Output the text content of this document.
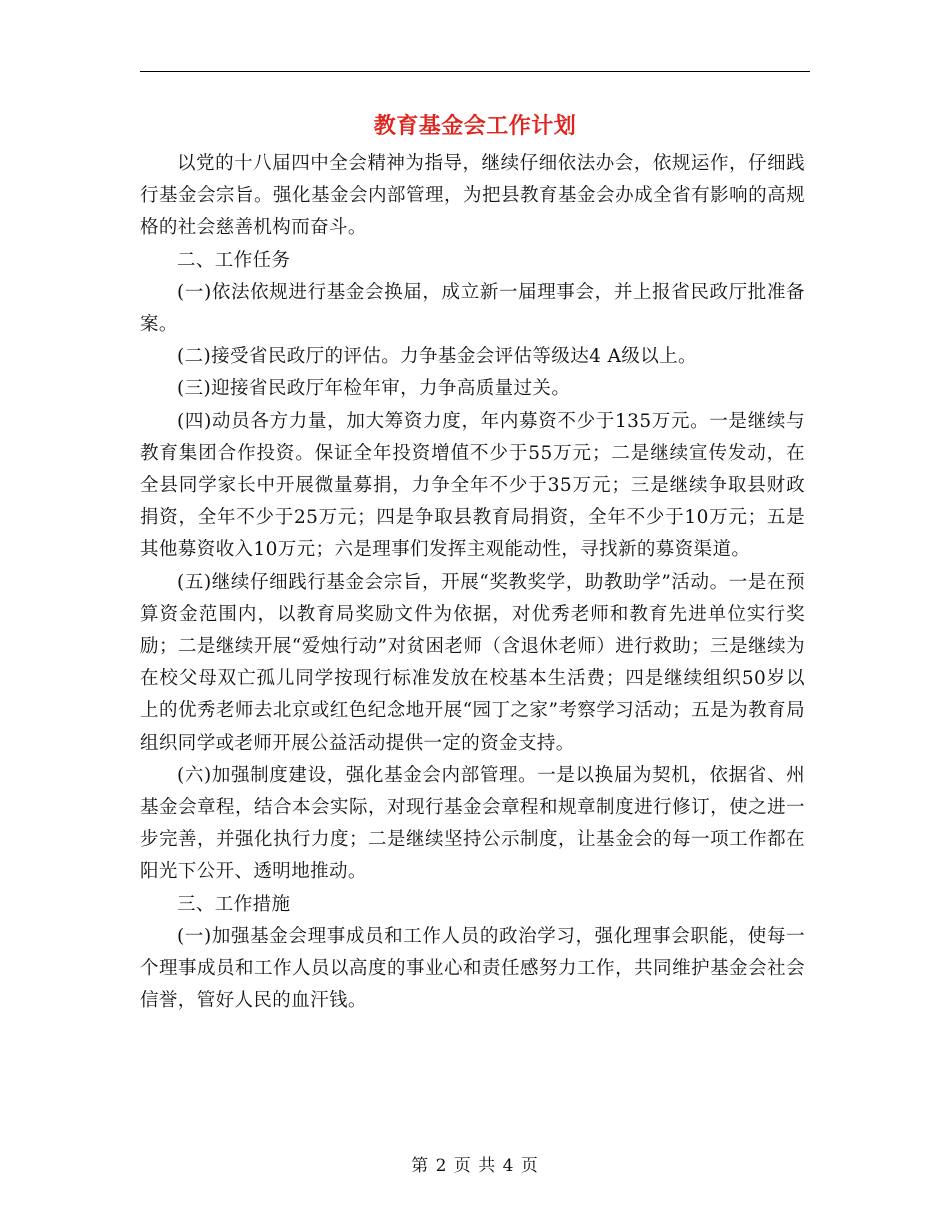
教育基金会工作计划

以党的十八届四中全会精神为指导，继续仔细依法办会，依规运作，仔细践行基金会宗旨。强化基金会内部管理，为把县教育基金会办成全省有影响的高规格的社会慈善机构而奋斗。

二、工作任务

(一)依法依规进行基金会换届，成立新一届理事会，并上报省民政厅批准备案。

(二)接受省民政厅的评估。力争基金会评估等级达4 A级以上。

(三)迎接省民政厅年检年审，力争高质量过关。

(四)动员各方力量，加大筹资力度，年内募资不少于135万元。一是继续与教育集团合作投资。保证全年投资增值不少于55万元；二是继续宣传发动，在全县同学家长中开展微量募捐，力争全年不少于35万元；三是继续争取县财政捐资，全年不少于25万元；四是争取县教育局捐资，全年不少于10万元；五是其他募资收入10万元；六是理事们发挥主观能动性，寻找新的募资渠道。

(五)继续仔细践行基金会宗旨，开展“奖教奖学，助教助学”活动。一是在预算资金范围内，以教育局奖励文件为依据，对优秀老师和教育先进单位实行奖励；二是继续开展“爱烛行动”对贫困老师（含退休老师）进行救助；三是继续为在校父母双亡孤儿同学按现行标准发放在校基本生活费；四是继续组织50岁以上的优秀老师去北京或红色纪念地开展“园丁之家”考察学习活动；五是为教育局组织同学或老师开展公益活动提供一定的资金支持。

(六)加强制度建设，强化基金会内部管理。一是以换届为契机，依据省、州基金会章程，结合本会实际，对现行基金会章程和规章制度进行修订，使之进一步完善，并强化执行力度；二是继续坚持公示制度，让基金会的每一项工作都在阳光下公开、透明地推动。

三、工作措施

(一)加强基金会理事成员和工作人员的政治学习，强化理事会职能，使每一个理事成员和工作人员以高度的事业心和责任感努力工作，共同维护基金会社会信誉，管好人民的血汗钱。

第 2 页 共 4 页
